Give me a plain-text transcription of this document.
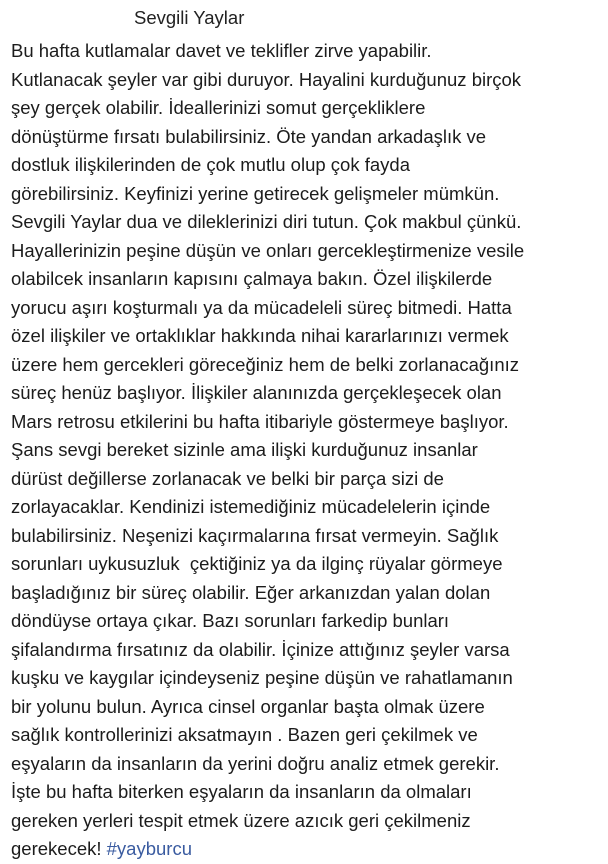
Sevgili Yaylar
Bu hafta kutlamalar davet ve teklifler zirve yapabilir.
Kutlanacak şeyler var gibi duruyor. Hayalini kurduğunuz birçok
şey gerçek olabilir. İdeallerinizi somut gerçekliklere
dönüştürme fırsatı bulabilirsiniz. Öte yandan arkadaşlık ve
dostluk ilişkilerinden de çok mutlu olup çok fayda
görebilirsiniz. Keyfinizi yerine getirecek gelişmeler mümkün.
Sevgili Yaylar dua ve dileklerinizi diri tutun. Çok makbul çünkü.
Hayallerinizin peşine düşün ve onları gerceklеştirmenize vesile
olabilcek insanların kapısını çalmaya bakın. Özel ilişkilerde
yorucu aşırı koşturmalı ya da mücadeleli süreç bitmedi. Hatta
özel ilişkiler ve ortaklıklar hakkında nihai kararlarınızı vermek
üzere hem gercekleri göreceğiniz hem de belki zorlanacağınız
süreç henüz başlıyor. İlişkiler alanınızda gerçekleşecek olan
Mars retrosu etkilerini bu hafta itibariyle göstermeye başlıyor.
Şans sevgi bereket sizinle ama ilişki kurduğunuz insanlar
dürüst değillerse zorlanacak ve belki bir parça sizi de
zorlayacaklar. Kendinizi istemediğiniz mücadelelerin içinde
bulabilirsiniz. Neşenizi kaçırmalarına fırsat vermeyin. Sağlık
sorunları uykusuzluk  çektiğiniz ya da ilginç rüyalar görmeye
başladığınız bir süreç olabilir. Eğer arkanızdan yalan dolan
döndüyse ortaya çıkar. Bazı sorunları farkedip bunları
şifalandırma fırsatınız da olabilir. İçinize attığınız şeyler varsa
kuşku ve kaygılar içindeyseniz peşine düşün ve rahatlamanın
bir yolunu bulun. Ayrıca cinsel organlar başta olmak üzere
sağlık kontrollerinizi aksatmayın . Bazen geri çekilmek ve
eşyaların da insanların da yerini doğru analiz etmek gerekir.
İşte bu hafta biterken eşyaların da insanların da olmaları
gereken yerleri tespit etmek üzere azıcık geri çekilmeniz
gerekecek! #yayburcu
